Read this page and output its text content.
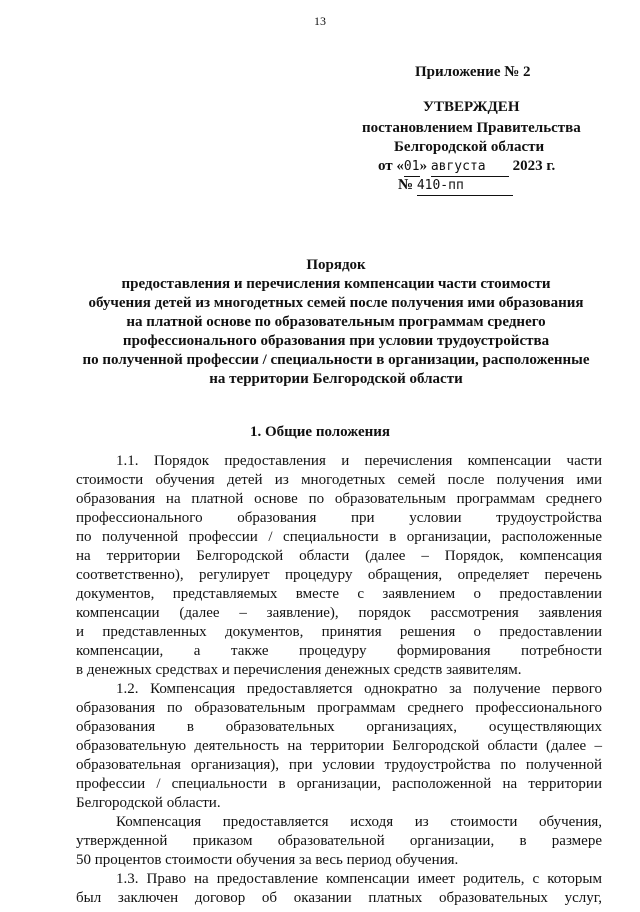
13
Приложение № 2
УТВЕРЖДЕН
постановлением Правительства
Белгородской области
от «01» августа 2023 г.
№ 410-пп
Порядок
предоставления и перечисления компенсации части стоимости
обучения детей из многодетных семей после получения ими образования
на платной основе по образовательным программам среднего
профессионального образования при условии трудоустройства
по полученной профессии / специальности в организации, расположенные
на территории Белгородской области
1. Общие положения
1.1. Порядок предоставления и перечисления компенсации части
стоимости обучения детей из многодетных семей после получения ими
образования на платной основе по образовательным программам среднего
профессионального образования при условии трудоустройства
по полученной профессии / специальности в организации, расположенные
на территории Белгородской области (далее – Порядок, компенсация
соответственно), регулирует процедуру обращения, определяет перечень
документов, представляемых вместе с заявлением о предоставлении
компенсации (далее – заявление), порядок рассмотрения заявления
и представленных документов, принятия решения о предоставлении
компенсации, а также процедуру формирования потребности
в денежных средствах и перечисления денежных средств заявителям.
1.2. Компенсация предоставляется однократно за получение первого
образования по образовательным программам среднего профессионального
образования в образовательных организациях, осуществляющих
образовательную деятельность на территории Белгородской области (далее –
образовательная организация), при условии трудоустройства по полученной
профессии / специальности в организации, расположенной на территории
Белгородской области.
Компенсация предоставляется исходя из стоимости обучения,
утвержденной приказом образовательной организации, в размере
50 процентов стоимости обучения за весь период обучения.
1.3. Право на предоставление компенсации имеет родитель, с которым
был заключен договор об оказании платных образовательных услуг,
